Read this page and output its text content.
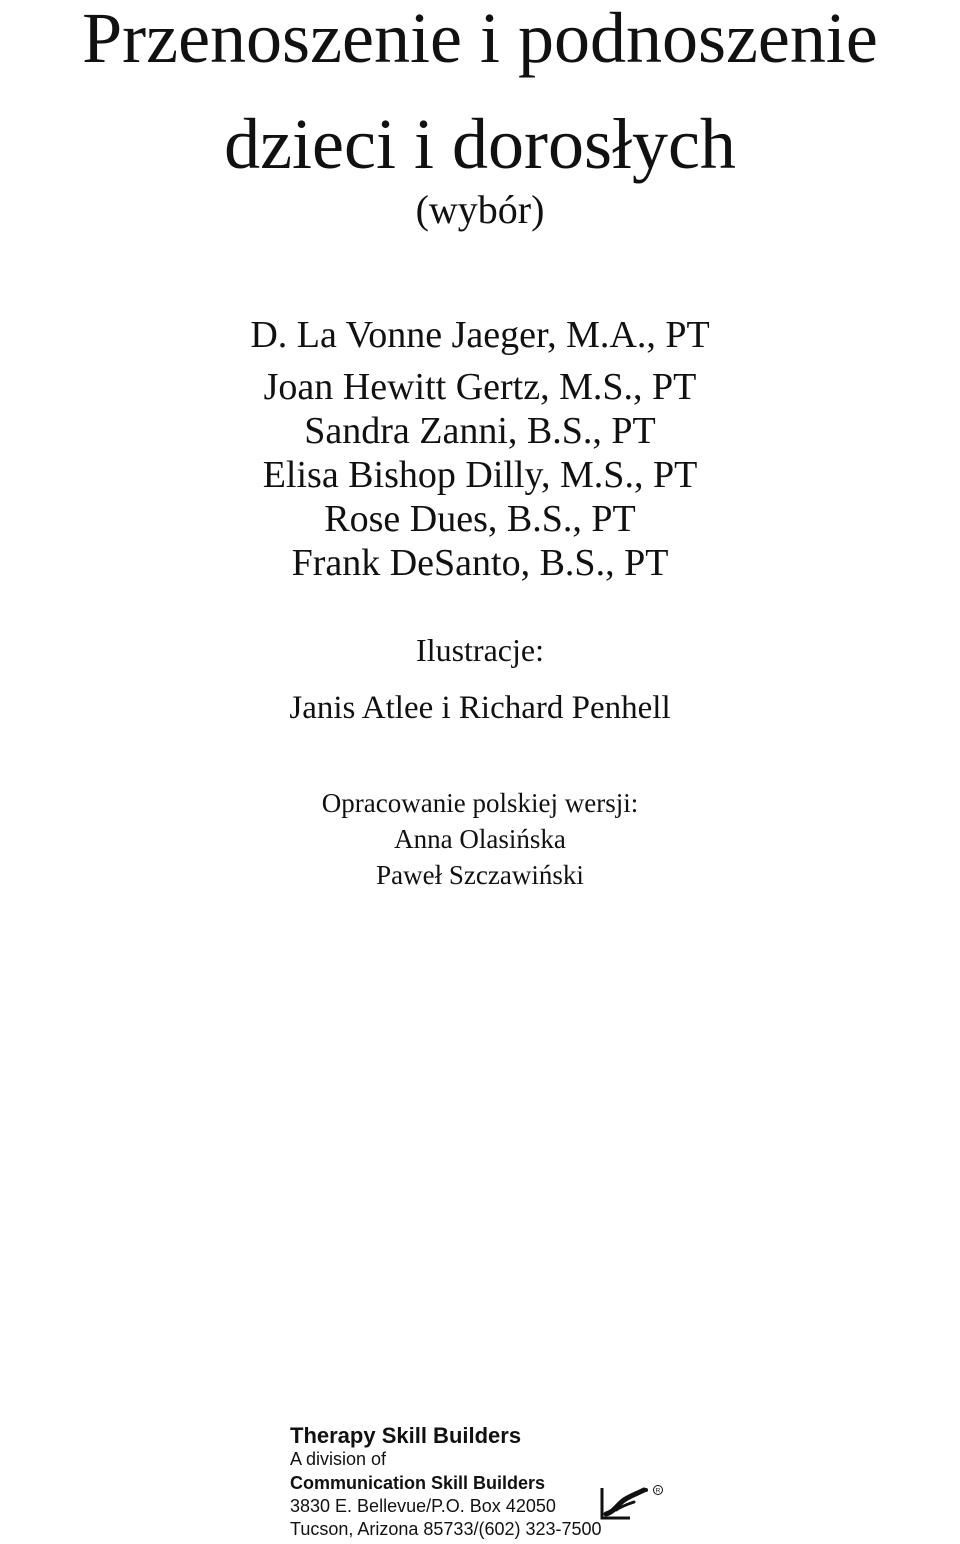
Przenoszenie i podnoszenie
dzieci i dorosłych
(wybór)
D. La Vonne Jaeger, M.A., PT
Joan Hewitt Gertz, M.S., PT
Sandra Zanni, B.S., PT
Elisa Bishop Dilly, M.S., PT
Rose Dues, B.S., PT
Frank DeSanto, B.S., PT
Ilustracje:
Janis Atlee i Richard Penhell
Opracowanie polskiej wersji:
Anna Olasińska
Paweł Szczawiński
Therapy Skill Builders
A division of
Communication Skill Builders
3830 E. Bellevue/P.O. Box 42050
Tucson, Arizona 85733/(602) 323-7500
R
